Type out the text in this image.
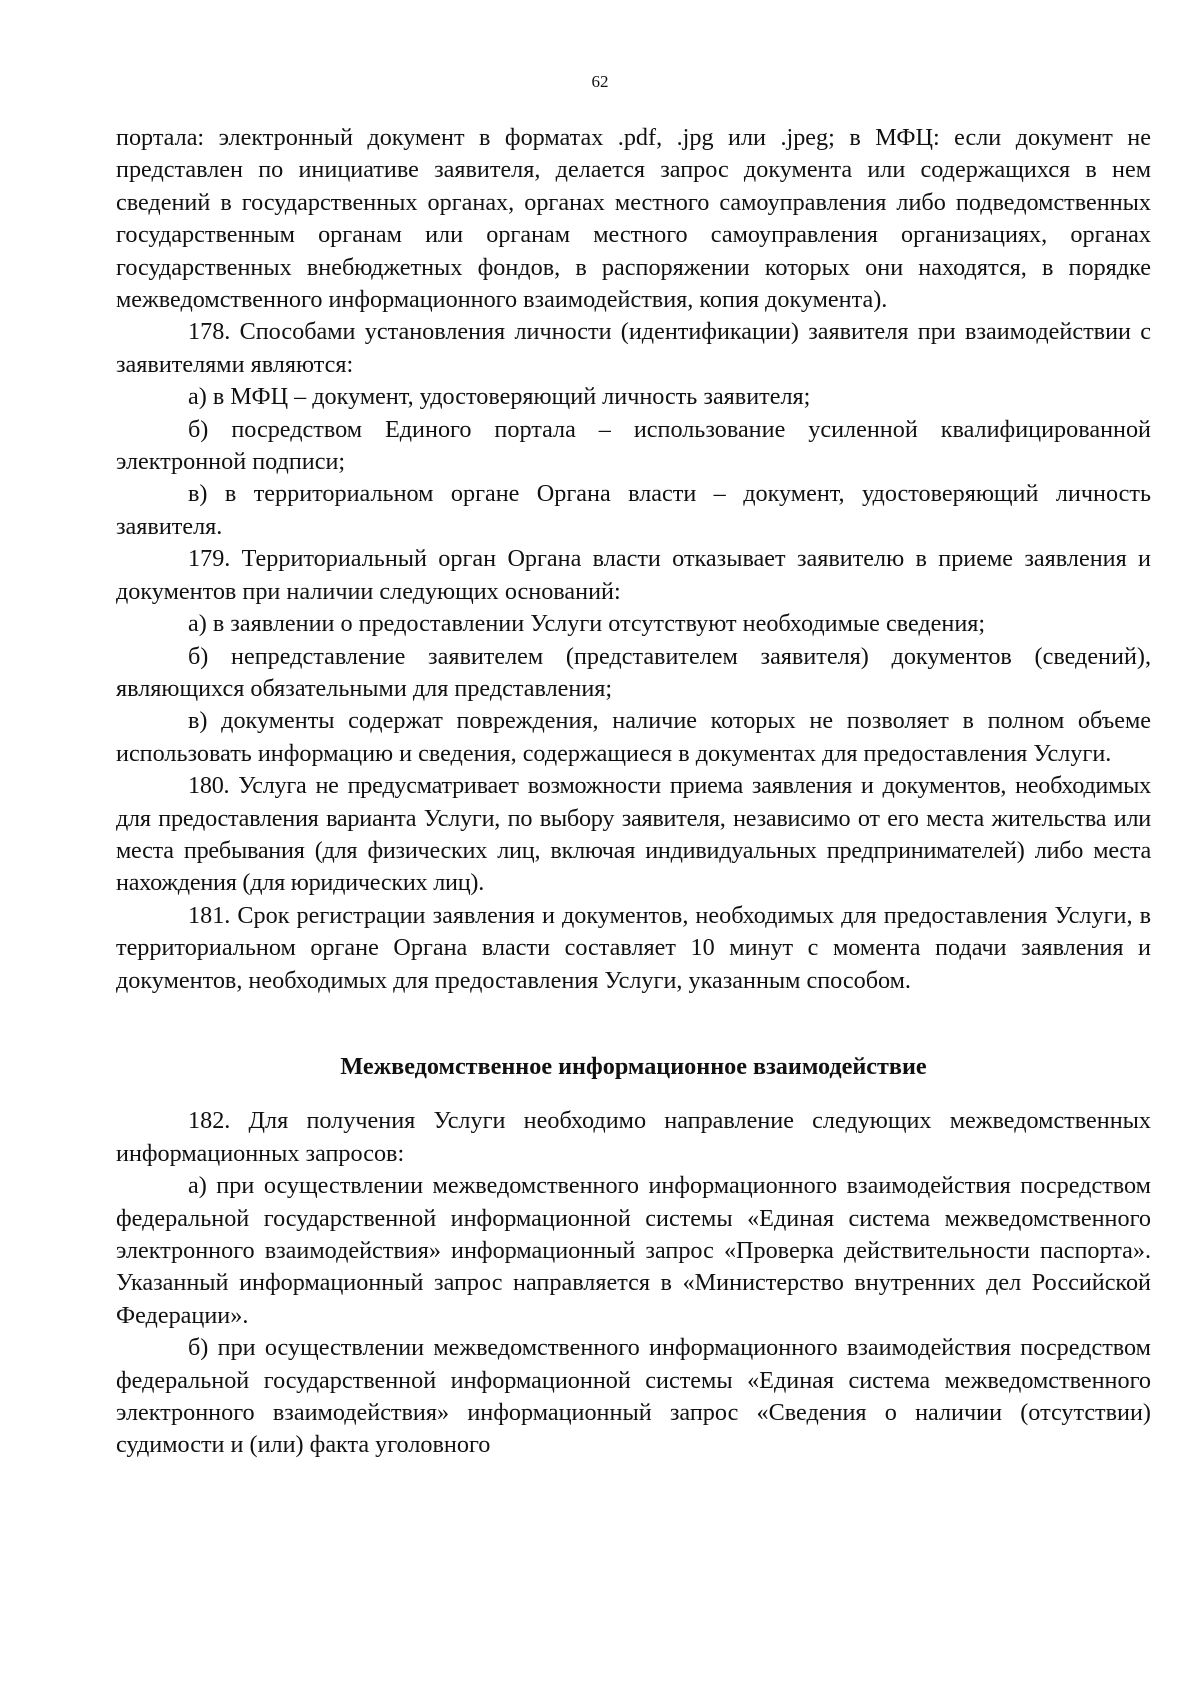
62

портала: электронный документ в форматах .pdf, .jpg или .jpeg; в МФЦ: если документ не представлен по инициативе заявителя, делается запрос документа или содержащихся в нем сведений в государственных органах, органах местного самоуправления либо подведомственных государственным органам или органам местного самоуправления организациях, органах государственных внебюджетных фондов, в распоряжении которых они находятся, в порядке межведомственного информационного взаимодействия, копия документа).

178. Способами установления личности (идентификации) заявителя при взаимодействии с заявителями являются:

а) в МФЦ – документ, удостоверяющий личность заявителя;

б) посредством Единого портала – использование усиленной квалифицированной электронной подписи;

в) в территориальном органе Органа власти – документ, удостоверяющий личность заявителя.

179. Территориальный орган Органа власти отказывает заявителю в приеме заявления и документов при наличии следующих оснований:

а) в заявлении о предоставлении Услуги отсутствуют необходимые сведения;

б) непредставление заявителем (представителем заявителя) документов (сведений), являющихся обязательными для представления;

в) документы содержат повреждения, наличие которых не позволяет в полном объеме использовать информацию и сведения, содержащиеся в документах для предоставления Услуги.

180. Услуга не предусматривает возможности приема заявления и документов, необходимых для предоставления варианта Услуги, по выбору заявителя, независимо от его места жительства или места пребывания (для физических лиц, включая индивидуальных предпринимателей) либо места нахождения (для юридических лиц).

181. Срок регистрации заявления и документов, необходимых для предоставления Услуги, в территориальном органе Органа власти составляет 10 минут с момента подачи заявления и документов, необходимых для предоставления Услуги, указанным способом.

Межведомственное информационное взаимодействие

182. Для получения Услуги необходимо направление следующих межведомственных информационных запросов:

а) при осуществлении межведомственного информационного взаимодействия посредством федеральной государственной информационной системы «Единая система межведомственного электронного взаимодействия» информационный запрос «Проверка действительности паспорта». Указанный информационный запрос направляется в «Министерство внутренних дел Российской Федерации».

б) при осуществлении межведомственного информационного взаимодействия посредством федеральной государственной информационной системы «Единая система межведомственного электронного взаимодействия» информационный запрос «Сведения о наличии (отсутствии) судимости и (или) факта уголовного
